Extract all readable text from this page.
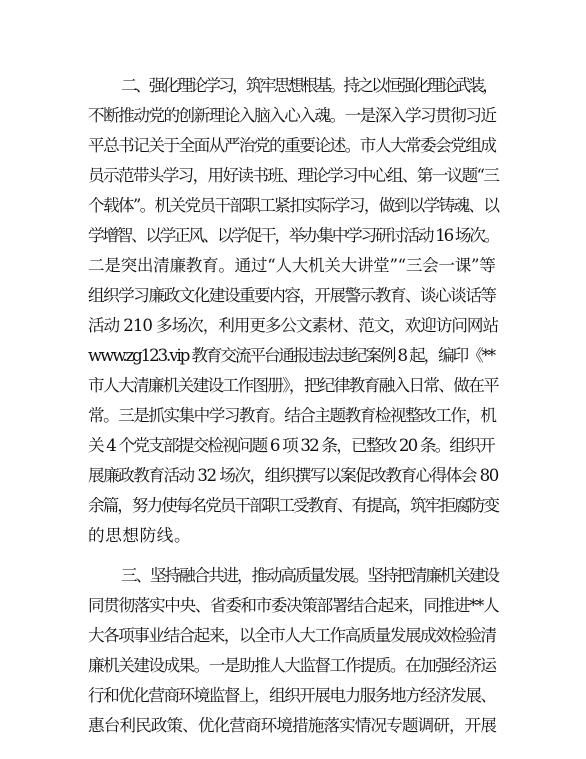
二、强化理论学习，筑牢思想根基。持之以恒强化理论武装，
不断推动党的创新理论入脑入心入魂。一是深入学习贯彻习近
平总书记关于全面从严治党的重要论述。市人大常委会党组成
员示范带头学习，用好读书班、理论学习中心组、第一议题“三
个载体”。机关党员干部职工紧扣实际学习，做到以学铸魂、以
学增智、以学正风、以学促干，举办集中学习研讨活动 16 场次。
二是突出清廉教育。通过“人大机关大讲堂”“三会一课”等
组织学习廉政文化建设重要内容，开展警示教育、谈心谈话等
活动 210 多场次，利用更多公文素材、范文，欢迎访问网站
www.zg123.vip 教育交流平台通报违法违纪案例 8 起，编印《**
市人大清廉机关建设工作图册》，把纪律教育融入日常、做在平
常。三是抓实集中学习教育。结合主题教育检视整改工作，机
关 4 个党支部提交检视问题 6 项 32 条，已整改 20 条。组织开
展廉政教育活动 32 场次，组织撰写以案促改教育心得体会 80
余篇，努力使每名党员干部职工受教育、有提高，筑牢拒腐防变
的思想防线。
三、坚持融合共进，推动高质量发展。坚持把清廉机关建设
同贯彻落实中央、省委和市委决策部署结合起来，同推进**人
大各项事业结合起来，以全市人大工作高质量发展成效检验清
廉机关建设成果。一是助推人大监督工作提质。在加强经济运
行和优化营商环境监督上，组织开展电力服务地方经济发展、
惠台利民政策、优化营商环境措施落实情况专题调研，开展
